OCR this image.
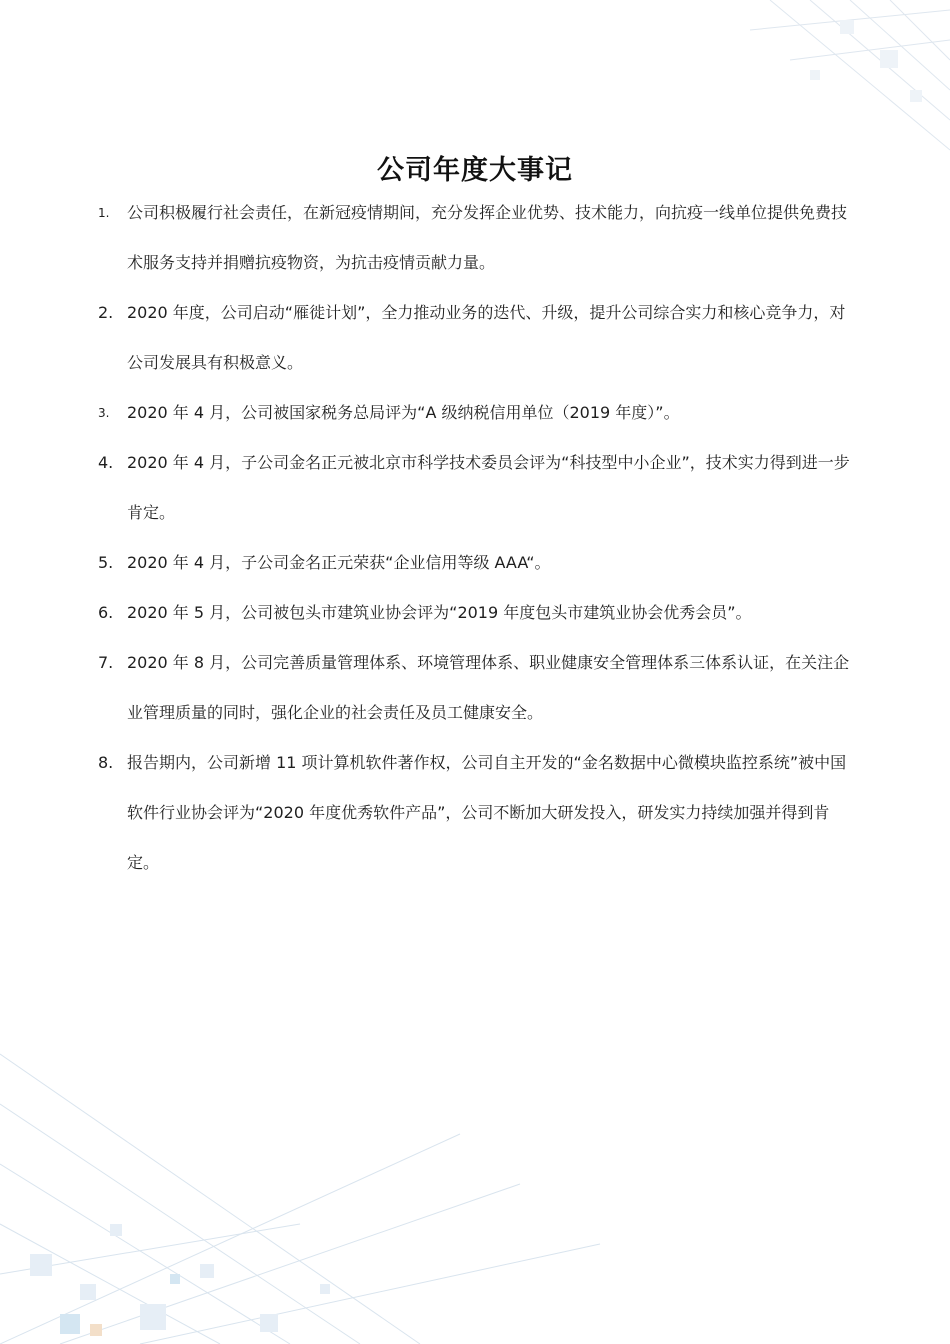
公司年度大事记
1. 公司积极履行社会责任，在新冠疫情期间，充分发挥企业优势、技术能力，向抗疫一线单位提供免费技术服务支持并捐赠抗疫物资，为抗击疫情贡献力量。
2. 2020 年度，公司启动“雁徙计划”，全力推动业务的迭代、升级，提升公司综合实力和核心竞争力，对公司发展具有积极意义。
3. 2020 年 4 月，公司被国家税务总局评为“A 级纳税信用单位（2019 年度）”。
4. 2020 年 4 月，子公司金名正元被北京市科学技术委员会评为“科技型中小企业”，技术实力得到进一步肯定。
5. 2020 年 4 月，子公司金名正元荣获“企业信用等级 AAA“。
6. 2020 年 5 月，公司被包头市建筑业协会评为“2019 年度包头市建筑业协会优秀会员”。
7. 2020 年 8 月，公司完善质量管理体系、环境管理体系、职业健康安全管理体系三体系认证，在关注企业管理质量的同时，强化企业的社会责任及员工健康安全。
8. 报告期内，公司新增 11 项计算机软件著作权，公司自主开发的“金名数据中心微模块监控系统”被中国软件行业协会评为“2020 年度优秀软件产品”，公司不断加大研发投入，研发实力持续加强并得到肯定。
